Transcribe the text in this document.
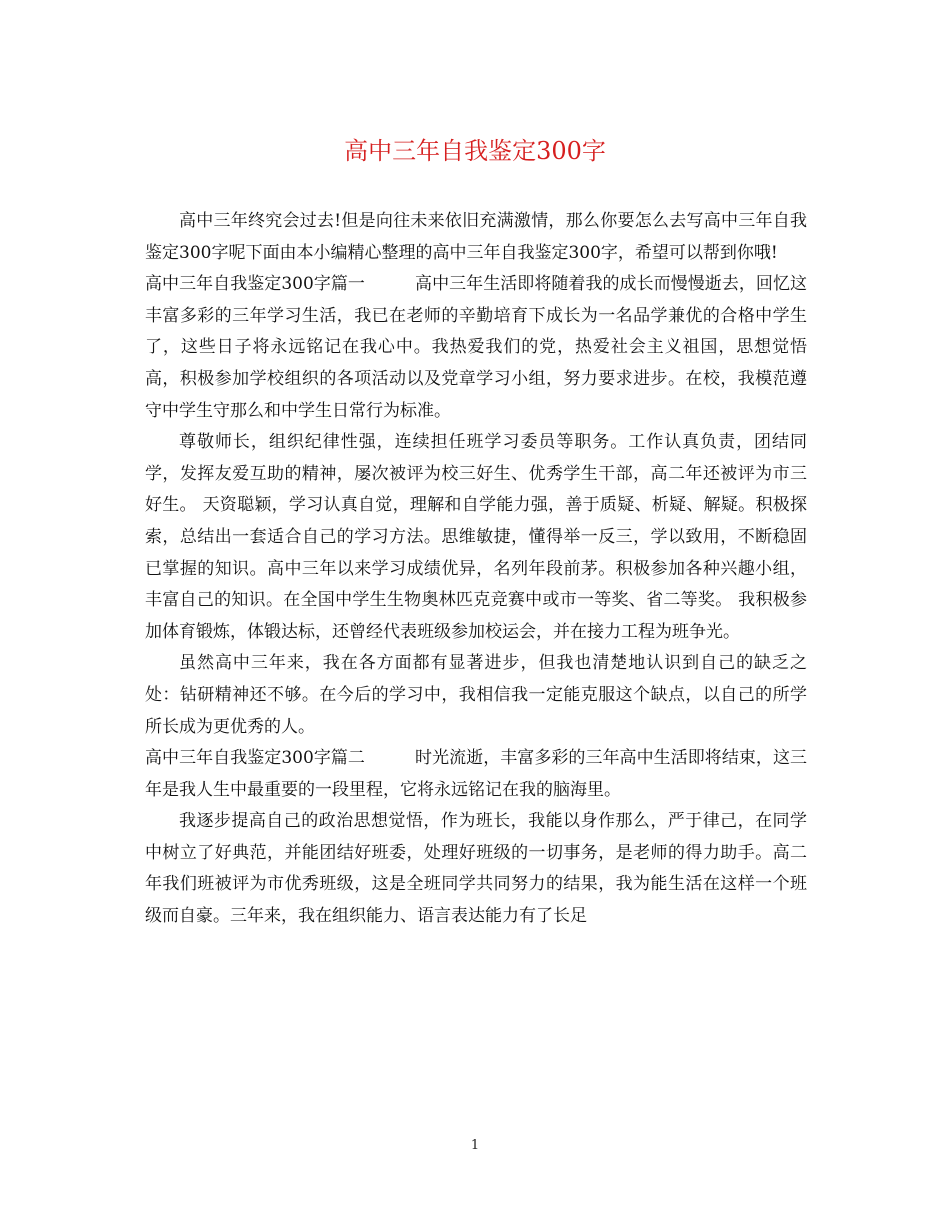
高中三年自我鉴定300字

高中三年终究会过去!但是向往未来依旧充满激情，那么你要怎么去写高中三年自我鉴定300字呢下面由本小编精心整理的高中三年自我鉴定300字，希望可以帮到你哦!

高中三年自我鉴定300字篇一	高中三年生活即将随着我的成长而慢慢逝去，回忆这丰富多彩的三年学习生活，我已在老师的辛勤培育下成长为一名品学兼优的合格中学生了，这些日子将永远铭记在我心中。我热爱我们的党，热爱社会主义祖国，思想觉悟高，积极参加学校组织的各项活动以及党章学习小组，努力要求进步。在校，我模范遵守中学生守那么和中学生日常行为标准。

尊敬师长，组织纪律性强，连续担任班学习委员等职务。工作认真负责，团结同学，发挥友爱互助的精神，屡次被评为校三好生、优秀学生干部，高二年还被评为市三好生。 天资聪颖，学习认真自觉，理解和自学能力强，善于质疑、析疑、解疑。积极探索，总结出一套适合自己的学习方法。思维敏捷，懂得举一反三，学以致用，不断稳固已掌握的知识。高中三年以来学习成绩优异，名列年段前茅。积极参加各种兴趣小组，丰富自己的知识。在全国中学生生物奥林匹克竞赛中或市一等奖、省二等奖。 我积极参加体育锻炼，体锻达标，还曾经代表班级参加校运会，并在接力工程为班争光。

虽然高中三年来，我在各方面都有显著进步，但我也清楚地认识到自己的缺乏之处：钻研精神还不够。在今后的学习中，我相信我一定能克服这个缺点，以自己的所学所长成为更优秀的人。

高中三年自我鉴定300字篇二	时光流逝，丰富多彩的三年高中生活即将结束，这三年是我人生中最重要的一段里程，它将永远铭记在我的脑海里。

我逐步提高自己的政治思想觉悟，作为班长，我能以身作那么，严于律己，在同学中树立了好典范，并能团结好班委，处理好班级的一切事务，是老师的得力助手。高二年我们班被评为市优秀班级，这是全班同学共同努力的结果，我为能生活在这样一个班级而自豪。三年来，我在组织能力、语言表达能力有了长足

1
